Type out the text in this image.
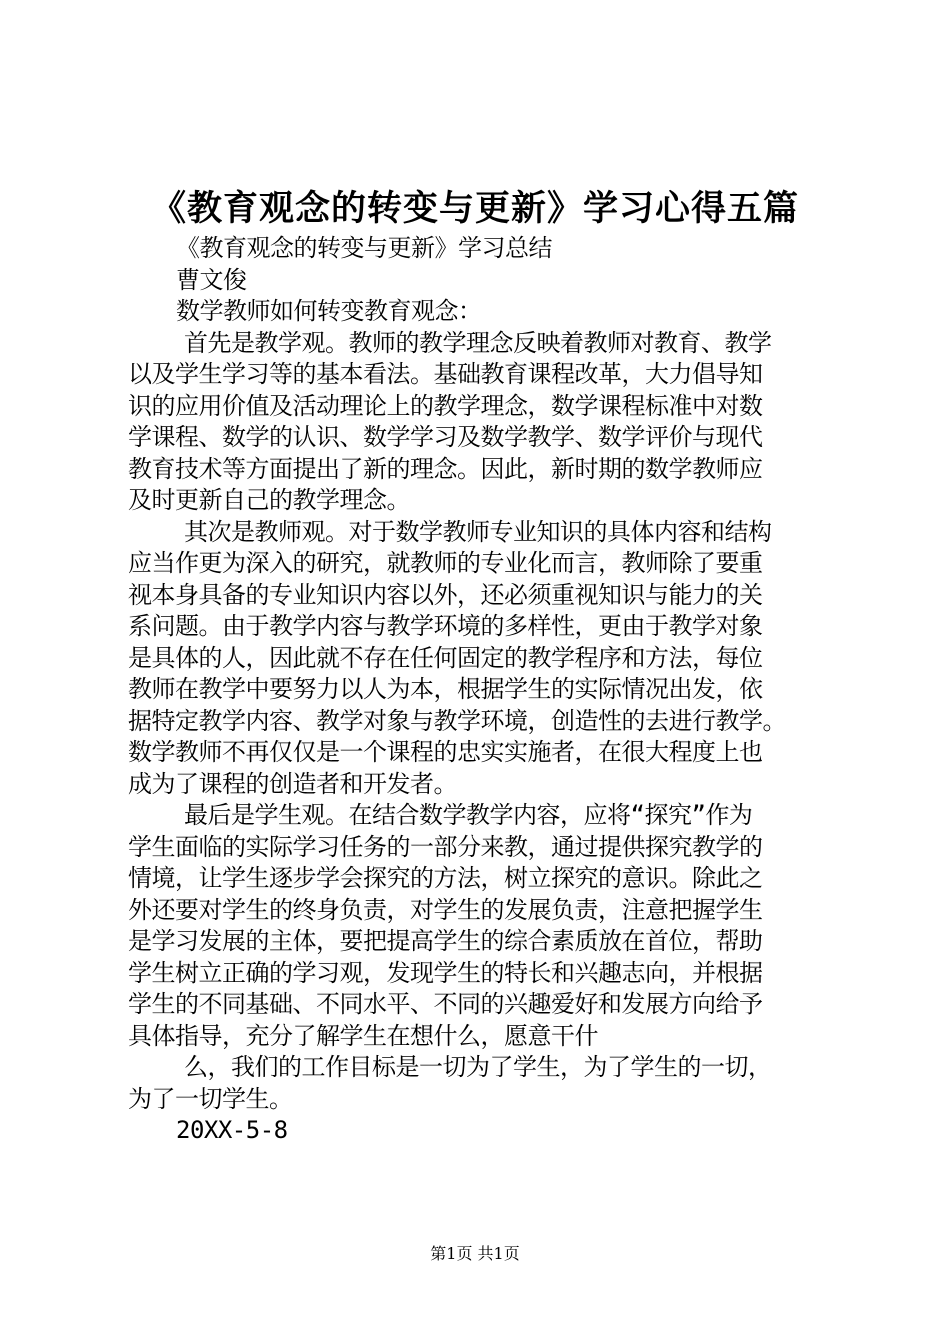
《教育观念的转变与更新》学习心得五篇
《教育观念的转变与更新》学习总结
曹文俊
数学教师如何转变教育观念：
首先是教学观。教师的教学理念反映着教师对教育、教学
以及学生学习等的基本看法。基础教育课程改革，大力倡导知
识的应用价值及活动理论上的教学理念，数学课程标准中对数
学课程、数学的认识、数学学习及数学教学、数学评价与现代
教育技术等方面提出了新的理念。因此，新时期的数学教师应
及时更新自己的教学理念。
其次是教师观。对于数学教师专业知识的具体内容和结构
应当作更为深入的研究，就教师的专业化而言，教师除了要重
视本身具备的专业知识内容以外，还必须重视知识与能力的关
系问题。由于教学内容与教学环境的多样性，更由于教学对象
是具体的人，因此就不存在任何固定的教学程序和方法，每位
教师在教学中要努力以人为本，根据学生的实际情况出发，依
据特定教学内容、教学对象与教学环境，创造性的去进行教学。
数学教师不再仅仅是一个课程的忠实实施者，在很大程度上也
成为了课程的创造者和开发者。
最后是学生观。在结合数学教学内容，应将“探究”作为
学生面临的实际学习任务的一部分来教，通过提供探究教学的
情境，让学生逐步学会探究的方法，树立探究的意识。除此之
外还要对学生的终身负责，对学生的发展负责，注意把握学生
是学习发展的主体，要把提高学生的综合素质放在首位，帮助
学生树立正确的学习观，发现学生的特长和兴趣志向，并根据
学生的不同基础、不同水平、不同的兴趣爱好和发展方向给予
具体指导，充分了解学生在想什么，愿意干什
么，我们的工作目标是一切为了学生，为了学生的一切，
为了一切学生。
20XX-5-8
第1页 共1页
